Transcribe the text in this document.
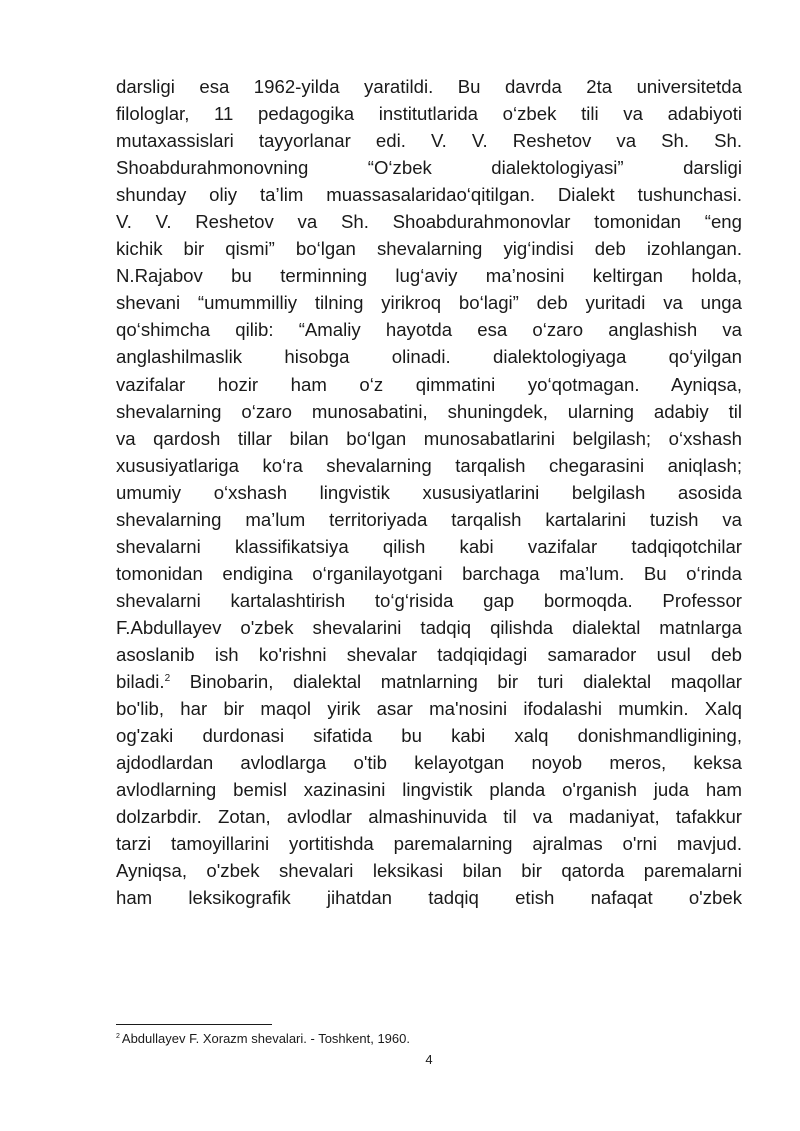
darsligi esa 1962-yilda yaratildi. Bu davrda 2ta universitetda
filologlar, 11 pedagogika institutlarida o‘zbek tili va adabiyoti
mutaxassislari tayyorlanar edi. V. V. Reshetov va Sh. Sh.
Shoabdurahmonovning “O‘zbek dialektologiyasi” darsligi
shunday oliy ta’lim muassasalaridao‘qitilgan. Dialekt tushunchasi.
V. V. Reshetov va Sh. Shoabdurahmonovlar tomonidan “eng
kichik bir qismi” bo‘lgan shevalarning yig‘indisi deb izohlangan.
N.Rajabov bu terminning lug‘aviy ma’nosini keltirgan holda,
shevani “umummilliy tilning yirikroq bo‘lagi” deb yuritadi va unga
qo‘shimcha qilib: “Amaliy hayotda esa o‘zaro anglashish va
anglashilmaslik hisobga olinadi. dialektologiyaga qo‘yilgan
vazifalar hozir ham o‘z qimmatini yo‘qotmagan. Ayniqsa,
shevalarning o‘zaro munosabatini, shuningdek, ularning adabiy til
va qardosh tillar bilan bo‘lgan munosabatlarini belgilash; o‘xshash
xususiyatlariga ko‘ra shevalarning tarqalish chegarasini aniqlash;
umumiy o‘xshash lingvistik xususiyatlarini belgilash asosida
shevalarning ma’lum territoriyada tarqalish kartalarini tuzish va
shevalarni klassifikatsiya qilish kabi vazifalar tadqiqotchilar
tomonidan endigina o‘rganilayotgani barchaga ma’lum. Bu o‘rinda
shevalarni kartalashtirish to‘g‘risida gap bormoqda. Professor
F.Abdullayev o'zbek shevalarini tadqiq qilishda dialektal matnlarga
asoslanib ish ko'rishni shevalar tadqiqidagi samarador usul deb
biladi.$^2$ Binobarin, dialektal matnlarning bir turi dialektal maqollar
bo'lib, har bir maqol yirik asar ma'nosini ifodalashi mumkin. Xalq
og'zaki durdonasi sifatida bu kabi xalq donishmandligining,
ajdodlardan avlodlarga o'tib kelayotgan noyob meros, keksa
avlodlarning bemisl xazinasini lingvistik planda o'rganish juda ham
dolzarbdir. Zotan, avlodlar almashinuvida til va madaniyat, tafakkur
tarzi tamoyillarini yortitishda paremalarning ajralmas o'rni mavjud.
Ayniqsa, o'zbek shevalari leksikasi bilan bir qatorda paremalarni
ham leksikografik jihatdan tadqiq etish nafaqat o'zbek
$^2$ Abdullayev F. Xorazm shevalari. - Toshkent, 1960.
4
